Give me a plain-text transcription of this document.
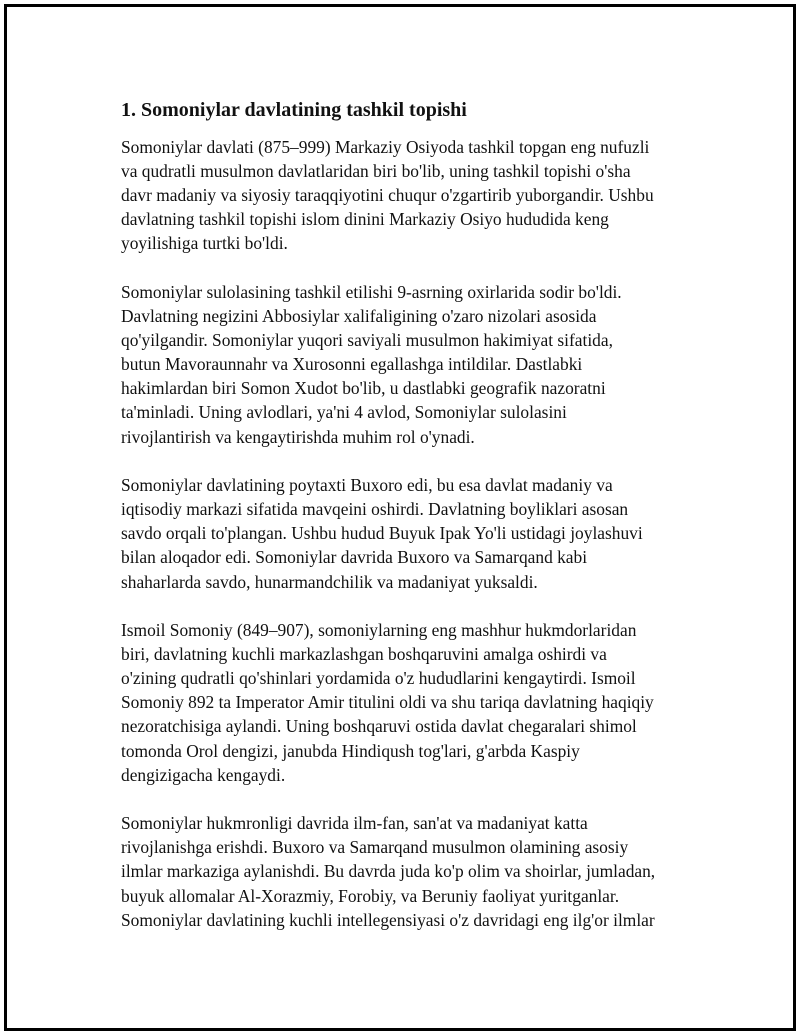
1. Somoniylar davlatining tashkil topishi

Somoniylar davlati (875–999) Markaziy Osiyoda tashkil topgan eng nufuzli
va qudratli musulmon davlatlaridan biri bo'lib, uning tashkil topishi o'sha
davr madaniy va siyosiy taraqqiyotini chuqur o'zgartirib yuborgandir. Ushbu
davlatning tashkil topishi islom dinini Markaziy Osiyo hududida keng
yoyilishiga turtki bo'ldi.

Somoniylar sulolasining tashkil etilishi 9-asrning oxirlarida sodir bo'ldi.
Davlatning negizini Abbosiylar xalifaligining o'zaro nizolari asosida
qo'yilgandir. Somoniylar yuqori saviyali musulmon hakimiyat sifatida,
butun Mavoraunnahr va Xurosonni egallashga intildilar. Dastlabki
hakimlardan biri Somon Xudot bo'lib, u dastlabki geografik nazoratni
ta'minladi. Uning avlodlari, ya'ni 4 avlod, Somoniylar sulolasini
rivojlantirish va kengaytirishda muhim rol o'ynadi.

Somoniylar davlatining poytaxti Buxoro edi, bu esa davlat madaniy va
iqtisodiy markazi sifatida mavqeini oshirdi. Davlatning boyliklari asosan
savdo orqali to'plangan. Ushbu hudud Buyuk Ipak Yo'li ustidagi joylashuvi
bilan aloqador edi. Somoniylar davrida Buxoro va Samarqand kabi
shaharlarda savdo, hunarmandchilik va madaniyat yuksaldi.

Ismoil Somoniy (849–907), somoniylarning eng mashhur hukmdorlaridan
biri, davlatning kuchli markazlashgan boshqaruvini amalga oshirdi va
o'zining qudratli qo'shinlari yordamida o'z hududlarini kengaytirdi. Ismoil
Somoniy 892 ta Imperator Amir titulini oldi va shu tariqa davlatning haqiqiy
nezoratchisiga aylandi. Uning boshqaruvi ostida davlat chegaralari shimol
tomonda Orol dengizi, janubda Hindiqush tog'lari, g'arbda Kaspiy
dengizigacha kengaydi.

Somoniylar hukmronligi davrida ilm-fan, san'at va madaniyat katta
rivojlanishga erishdi. Buxoro va Samarqand musulmon olamining asosiy
ilmlar markaziga aylanishdi. Bu davrda juda ko'p olim va shoirlar, jumladan,
buyuk allomalar Al-Xorazmiy, Forobiy, va Beruniy faoliyat yuritganlar.
Somoniylar davlatining kuchli intellegensiyasi o'z davridagi eng ilg'or ilmlar
